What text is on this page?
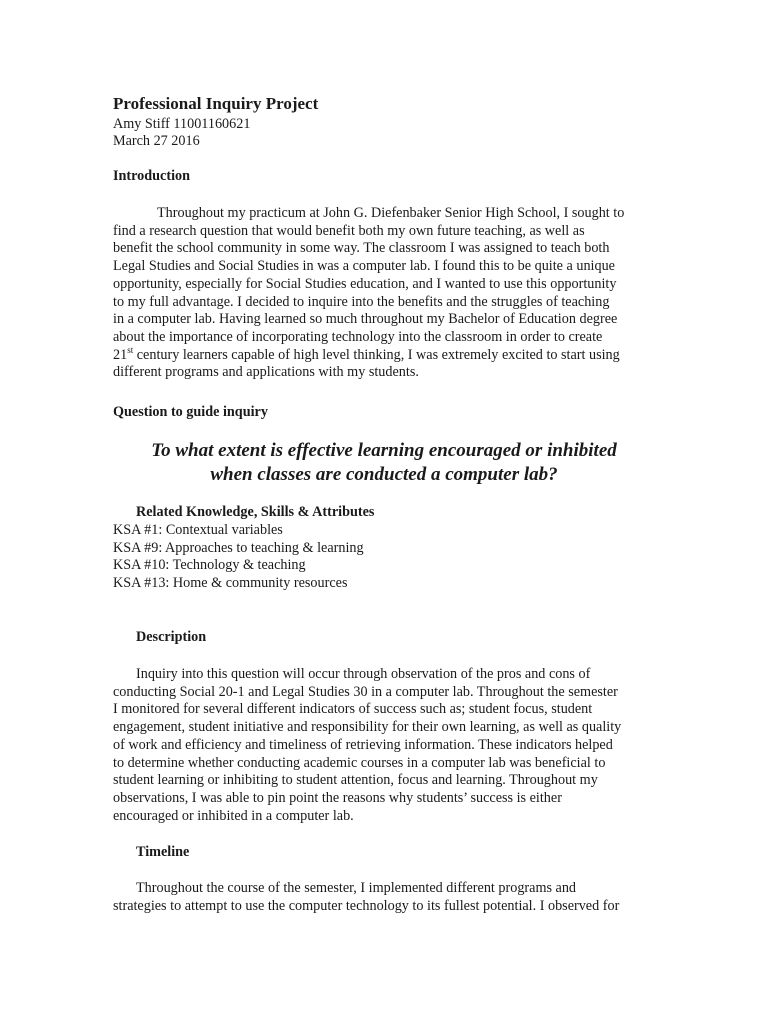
Professional Inquiry Project
Amy Stiff 11001160621
March 27 2016
Introduction
Throughout my practicum at John G. Diefenbaker Senior High School, I sought to
find a research question that would benefit both my own future teaching, as well as
benefit the school community in some way. The classroom I was assigned to teach both
Legal Studies and Social Studies in was a computer lab. I found this to be quite a unique
opportunity, especially for Social Studies education, and I wanted to use this opportunity
to my full advantage. I decided to inquire into the benefits and the struggles of teaching
in a computer lab. Having learned so much throughout my Bachelor of Education degree
about the importance of incorporating technology into the classroom in order to create
21st century learners capable of high level thinking, I was extremely excited to start using
different programs and applications with my students.
Question to guide inquiry
To what extent is effective learning encouraged or inhibited
when classes are conducted a computer lab?
Related Knowledge, Skills & Attributes
KSA #1: Contextual variables
KSA #9: Approaches to teaching & learning
KSA #10: Technology & teaching
KSA #13: Home & community resources
Description
Inquiry into this question will occur through observation of the pros and cons of
conducting Social 20-1 and Legal Studies 30 in a computer lab. Throughout the semester
I monitored for several different indicators of success such as; student focus, student
engagement, student initiative and responsibility for their own learning, as well as quality
of work and efficiency and timeliness of retrieving information. These indicators helped
to determine whether conducting academic courses in a computer lab was beneficial to
student learning or inhibiting to student attention, focus and learning. Throughout my
observations, I was able to pin point the reasons why students’ success is either
encouraged or inhibited in a computer lab.
Timeline
Throughout the course of the semester, I implemented different programs and
strategies to attempt to use the computer technology to its fullest potential. I observed for
